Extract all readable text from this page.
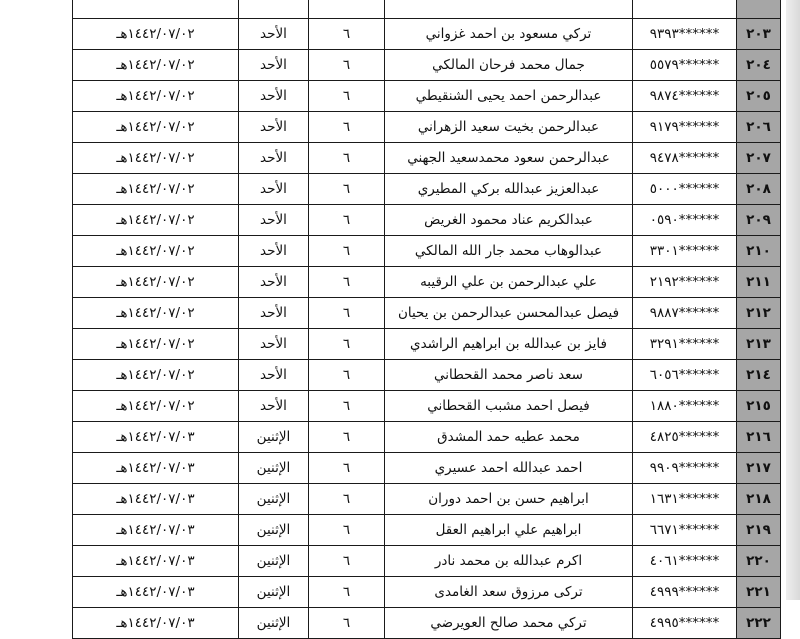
٢٠٣	******٩٣٩٣	تركي مسعود بن احمد غزواني	٦	الأحد	١٤٤٢/٠٧/٠٢هـ
٢٠٤	******٥٥٧٩	جمال محمد فرحان المالكي	٦	الأحد	١٤٤٢/٠٧/٠٢هـ
٢٠٥	******٩٨٧٤	عبدالرحمن احمد يحيى الشنقيطي	٦	الأحد	١٤٤٢/٠٧/٠٢هـ
٢٠٦	******٩١٧٩	عبدالرحمن بخيت سعيد الزهراني	٦	الأحد	١٤٤٢/٠٧/٠٢هـ
٢٠٧	******٩٤٧٨	عبدالرحمن سعود محمدسعيد الجهني	٦	الأحد	١٤٤٢/٠٧/٠٢هـ
٢٠٨	******٥٠٠٠	عبدالعزيز عبدالله بركي المطيري	٦	الأحد	١٤٤٢/٠٧/٠٢هـ
٢٠٩	******٠٥٩٠	عبدالكريم عناد محمود الغريض	٦	الأحد	١٤٤٢/٠٧/٠٢هـ
٢١٠	******٣٣٠١	عبدالوهاب محمد جار الله المالكي	٦	الأحد	١٤٤٢/٠٧/٠٢هـ
٢١١	******٢١٩٢	علي عبدالرحمن بن علي الرقيبه	٦	الأحد	١٤٤٢/٠٧/٠٢هـ
٢١٢	******٩٨٨٧	فيصل عبدالمحسن عبدالرحمن بن يحيان	٦	الأحد	١٤٤٢/٠٧/٠٢هـ
٢١٣	******٣٢٩١	فايز بن عبدالله بن ابراهيم الراشدي	٦	الأحد	١٤٤٢/٠٧/٠٢هـ
٢١٤	******٦٠٥٦	سعد ناصر محمد القحطاني	٦	الأحد	١٤٤٢/٠٧/٠٢هـ
٢١٥	******١٨٨٠	فيصل احمد مشبب القحطاني	٦	الأحد	١٤٤٢/٠٧/٠٢هـ
٢١٦	******٤٨٢٥	محمد عطيه حمد المشدق	٦	الإثنين	١٤٤٢/٠٧/٠٣هـ
٢١٧	******٩٩٠٩	احمد عبدالله احمد عسيري	٦	الإثنين	١٤٤٢/٠٧/٠٣هـ
٢١٨	******١٦٣١	ابراهيم حسن بن احمد دوران	٦	الإثنين	١٤٤٢/٠٧/٠٣هـ
٢١٩	******٦٦٧١	ابراهيم علي ابراهيم العقل	٦	الإثنين	١٤٤٢/٠٧/٠٣هـ
٢٢٠	******٤٠٦١	اكرم عبدالله بن محمد نادر	٦	الإثنين	١٤٤٢/٠٧/٠٣هـ
٢٢١	******٤٩٩٩	تركى مرزوق سعد الغامدى	٦	الإثنين	١٤٤٢/٠٧/٠٣هـ
٢٢٢	******٤٩٩٥	تركي محمد صالح العويرضي	٦	الإثنين	١٤٤٢/٠٧/٠٣هـ
